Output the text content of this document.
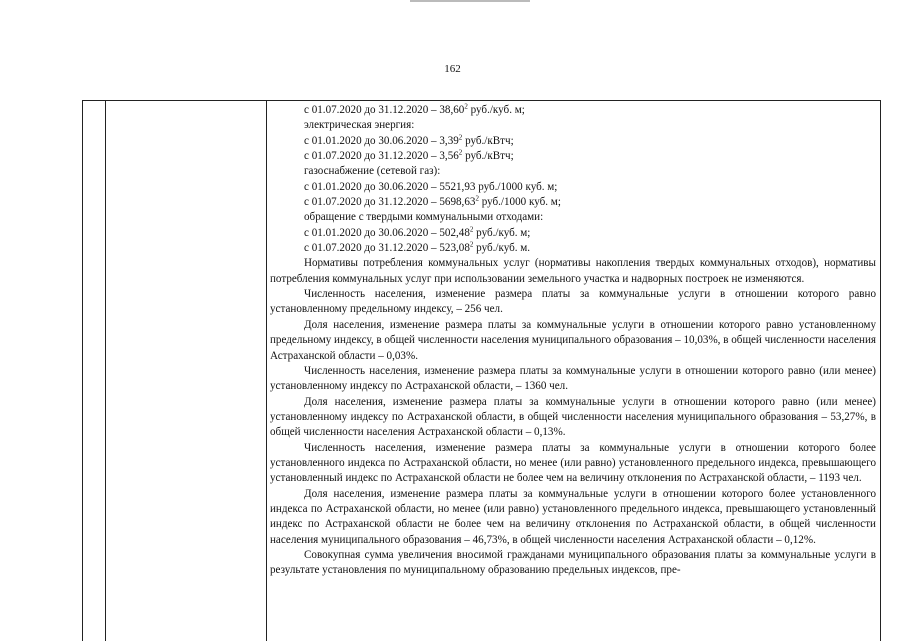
162
с 01.07.2020 до 31.12.2020 – 38,60$^2$ руб./куб. м;
электрическая энергия:
с 01.01.2020 до 30.06.2020 – 3,39$^2$ руб./кВтч;
с 01.07.2020 до 31.12.2020 – 3,56$^2$ руб./кВтч;
газоснабжение (сетевой газ):
с 01.01.2020 до 30.06.2020 – 5521,93 руб./1000 куб. м;
с 01.07.2020 до 31.12.2020 – 5698,63$^2$ руб./1000 куб. м;
обращение с твердыми коммунальными отходами:
с 01.01.2020 до 30.06.2020 – 502,48$^2$ руб./куб. м;
с 01.07.2020 до 31.12.2020 – 523,08$^2$ руб./куб. м.
Нормативы потребления коммунальных услуг (нормативы накопления твердых коммунальных отходов), нормативы потребления коммунальных услуг при использовании земельного участка и надворных построек не изменяются.
Численность населения, изменение размера платы за коммунальные услуги в отношении которого равно установленному предельному индексу, – 256 чел.
Доля населения, изменение размера платы за коммунальные услуги в отношении которого равно установленному предельному индексу, в общей численности населения муниципального образования – 10,03%, в общей численности населения Астраханской области – 0,03%.
Численность населения, изменение размера платы за коммунальные услуги в отношении которого равно (или менее) установленному индексу по Астраханской области, – 1360 чел.
Доля населения, изменение размера платы за коммунальные услуги в отношении которого равно (или менее) установленному индексу по Астраханской области, в общей численности населения муниципального образования – 53,27%, в общей численности населения Астраханской области – 0,13%.
Численность населения, изменение размера платы за коммунальные услуги в отношении которого более установленного индекса по Астраханской области, но менее (или равно) установленного предельного индекса, превышающего установленный индекс по Астраханской области не более чем на величину отклонения по Астраханской области, – 1193 чел.
Доля населения, изменение размера платы за коммунальные услуги в отношении которого более установленного индекса по Астраханской области, но менее (или равно) установленного предельного индекса, превышающего установленный индекс по Астраханской области не более чем на величину отклонения по Астраханской области, в общей численности населения муниципального образования – 46,73%, в общей численности населения Астраханской области – 0,12%.
Совокупная сумма увеличения вносимой гражданами муниципального образования платы за коммунальные услуги в результате установления по муниципальному образованию предельных индексов, пре-
